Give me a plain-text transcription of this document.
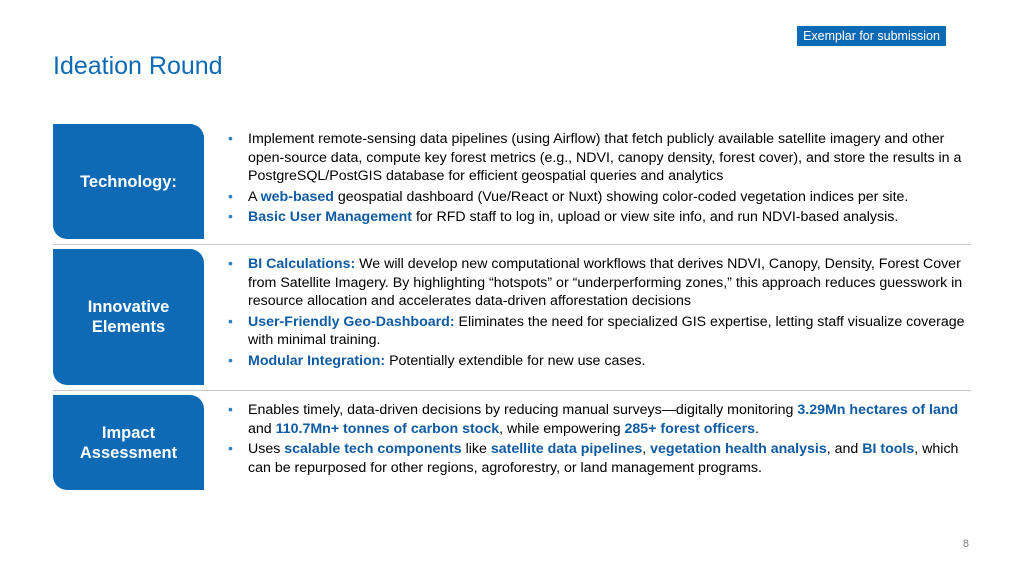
Exemplar for submission
Ideation Round
Technology:
• Implement remote-sensing data pipelines (using Airflow) that fetch publicly available satellite imagery and other open-source data, compute key forest metrics (e.g., NDVI, canopy density, forest cover), and store the results in a PostgreSQL/PostGIS database for efficient geospatial queries and analytics
• A web-based geospatial dashboard (Vue/React or Nuxt) showing color-coded vegetation indices per site.
• Basic User Management for RFD staff to log in, upload or view site info, and run NDVI-based analysis.
Innovative Elements
• BI Calculations: We will develop new computational workflows that derives NDVI, Canopy, Density, Forest Cover from Satellite Imagery. By highlighting “hotspots” or “underperforming zones,” this approach reduces guesswork in resource allocation and accelerates data-driven afforestation decisions
• User-Friendly Geo-Dashboard: Eliminates the need for specialized GIS expertise, letting staff visualize coverage with minimal training.
• Modular Integration: Potentially extendible for new use cases.
Impact Assessment
• Enables timely, data-driven decisions by reducing manual surveys—digitally monitoring 3.29Mn hectares of land and 110.7Mn+ tonnes of carbon stock, while empowering 285+ forest officers.
• Uses scalable tech components like satellite data pipelines, vegetation health analysis, and BI tools, which can be repurposed for other regions, agroforestry, or land management programs.
8
